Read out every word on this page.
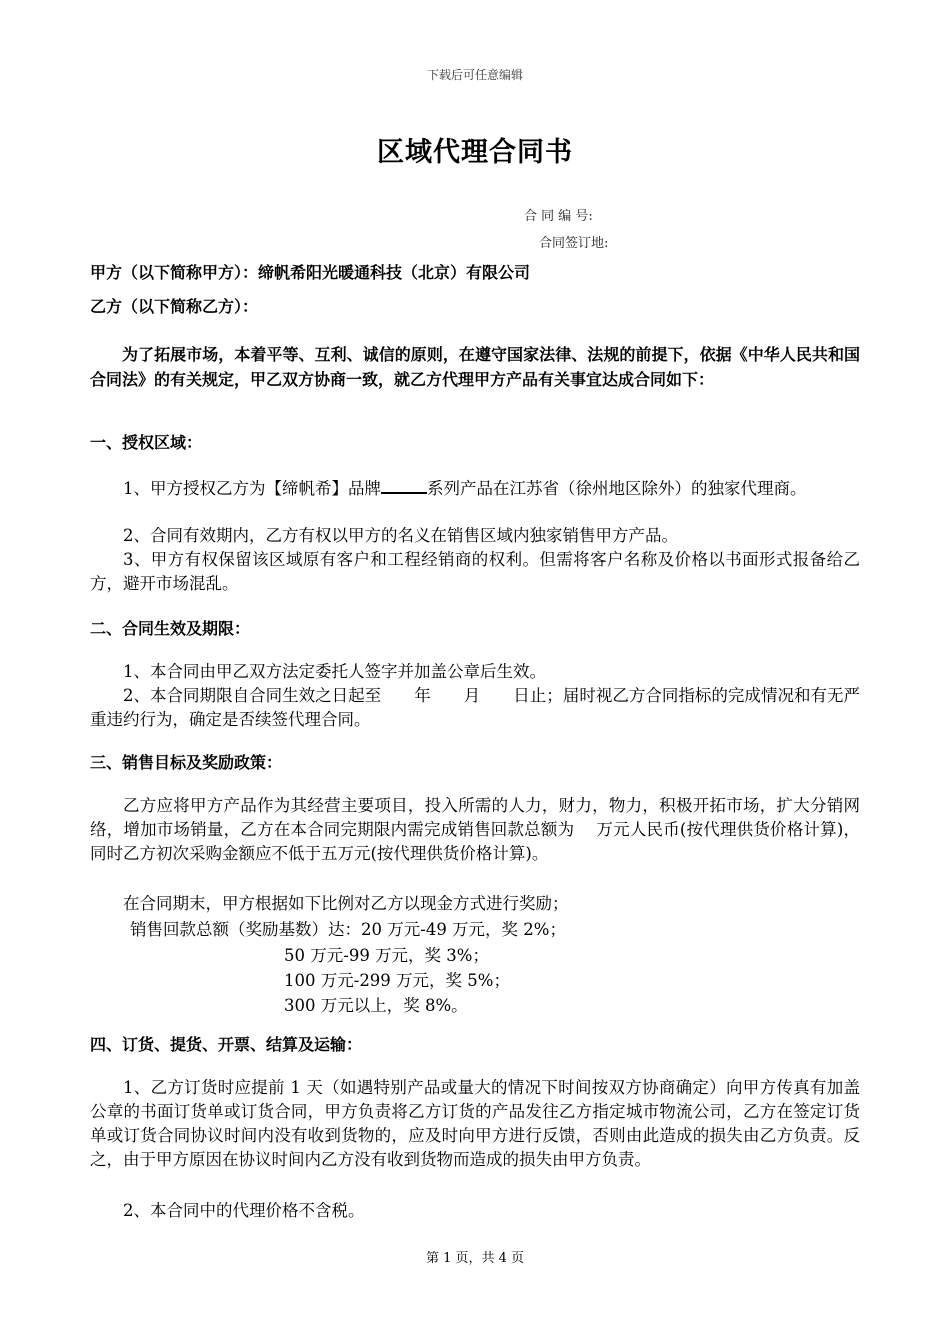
下载后可任意编辑
区域代理合同书
合 同 编 号:
合同签订地:
甲方（以下简称甲方）：缔帆希阳光暖通科技（北京）有限公司
乙方（以下简称乙方）：
为了拓展市场，本着平等、互利、诚信的原则，在遵守国家法律、法规的前提下，依据《中华人民共和国合同法》的有关规定，甲乙双方协商一致，就乙方代理甲方产品有关事宜达成合同如下：
一、授权区域：
1、甲方授权乙方为【缔帆希】品牌	系列产品在江苏省（徐州地区除外）的独家代理商。
2、合同有效期内，乙方有权以甲方的名义在销售区域内独家销售甲方产品。
3、甲方有权保留该区域原有客户和工程经销商的权利。但需将客户名称及价格以书面形式报备给乙方，避开市场混乱。
二、合同生效及期限：
1、本合同由甲乙双方法定委托人签字并加盖公章后生效。
2、本合同期限自合同生效之日起至　　年　　月　　日止；届时视乙方合同指标的完成情况和有无严重违约行为，确定是否续签代理合同。
三、销售目标及奖励政策：
乙方应将甲方产品作为其经营主要项目，投入所需的人力，财力，物力，积极开拓市场，扩大分销网络，增加市场销量，乙方在本合同完期限内需完成销售回款总额为　 万元人民币(按代理供货价格计算)，同时乙方初次采购金额应不低于五万元(按代理供货价格计算)。
在合同期末，甲方根据如下比例对乙方以现金方式进行奖励；
销售回款总额（奖励基数）达：20 万元-49 万元，奖 2%；
50 万元-99 万元，奖 3%；
100 万元-299 万元，奖 5%；
300 万元以上，奖 8%。
四、订货、提货、开票、结算及运输：
1、乙方订货时应提前 1 天（如遇特别产品或量大的情况下时间按双方协商确定）向甲方传真有加盖公章的书面订货单或订货合同，甲方负责将乙方订货的产品发往乙方指定城市物流公司，乙方在签定订货单或订货合同协议时间内没有收到货物的，应及时向甲方进行反馈，否则由此造成的损失由乙方负责。反之，由于甲方原因在协议时间内乙方没有收到货物而造成的损失由甲方负责。
2、本合同中的代理价格不含税。
第 1 页，共 4 页
